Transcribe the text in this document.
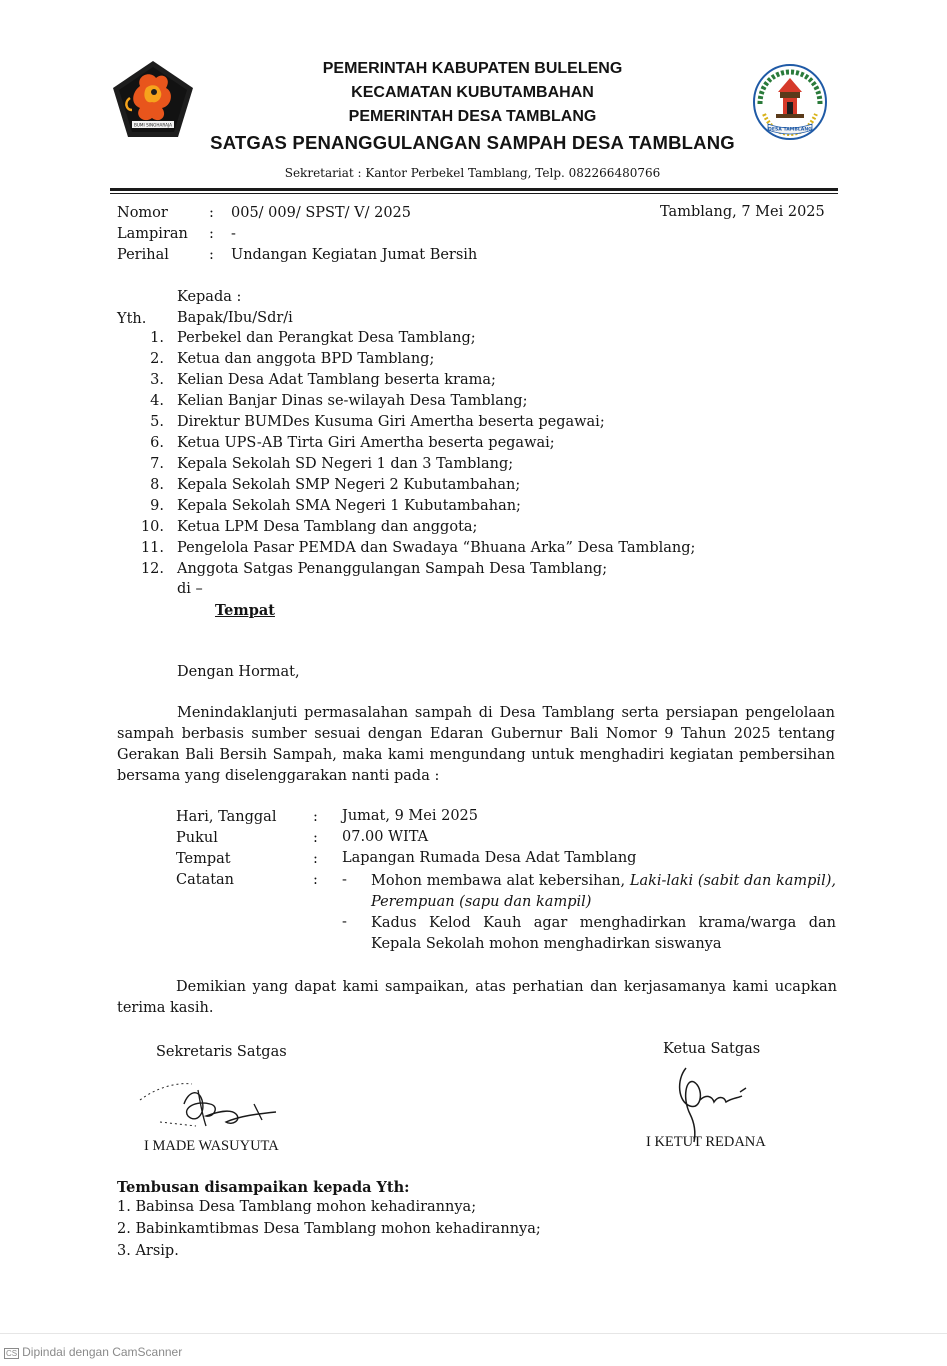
BUMI SINGHARAJA
PEMERINTAH KABUPATEN BULELENG
KECAMATAN KUBUTAMBAHAN
PEMERINTAH DESA TAMBLANG
SATGAS PENANGGULANGAN SAMPAH DESA TAMBLANG
Sekretariat : Kantor Perbekel Tamblang, Telp. 082266480766
DESA TAMBLANG
Nomor	: 005/ 009/ SPST/ V/ 2025	Tamblang, 7 Mei 2025
Lampiran	: -
Perihal	: Undangan Kegiatan Jumat Bersih
Kepada :
Yth. Bapak/Ibu/Sdr/i
1. Perbekel dan Perangkat Desa Tamblang;
2. Ketua dan anggota BPD Tamblang;
3. Kelian Desa Adat Tamblang beserta krama;
4. Kelian Banjar Dinas se-wilayah Desa Tamblang;
5. Direktur BUMDes Kusuma Giri Amertha beserta pegawai;
6. Ketua UPS-AB Tirta Giri Amertha beserta pegawai;
7. Kepala Sekolah SD Negeri 1 dan 3 Tamblang;
8. Kepala Sekolah SMP Negeri 2 Kubutambahan;
9. Kepala Sekolah SMA Negeri 1 Kubutambahan;
10. Ketua LPM Desa Tamblang dan anggota;
11. Pengelola Pasar PEMDA dan Swadaya “Bhuana Arka” Desa Tamblang;
12. Anggota Satgas Penanggulangan Sampah Desa Tamblang;
di –
Tempat
Dengan Hormat,
Menindaklanjuti permasalahan sampah di Desa Tamblang serta persiapan pengelolaan sampah berbasis sumber sesuai dengan Edaran Gubernur Bali Nomor 9 Tahun 2025 tentang Gerakan Bali Bersih Sampah, maka kami mengundang untuk menghadiri kegiatan pembersihan bersama yang diselenggarakan nanti pada :
Hari, Tanggal	: Jumat, 9 Mei 2025
Pukul	: 07.00 WITA
Tempat	: Lapangan Rumada Desa Adat Tamblang
Catatan	: - Mohon membawa alat kebersihan, Laki-laki (sabit dan kampil), Perempuan (sapu dan kampil)
- Kadus Kelod Kauh agar menghadirkan krama/warga dan Kepala Sekolah mohon menghadirkan siswanya
Demikian yang dapat kami sampaikan, atas perhatian dan kerjasamanya kami ucapkan terima kasih.
Sekretaris Satgas
I MADE WASUYUTA
Ketua Satgas
I KETUT REDANA
Tembusan disampaikan kepada Yth:
1. Babinsa Desa Tamblang mohon kehadirannya;
2. Babinkamtibmas Desa Tamblang mohon kehadirannya;
3. Arsip.
CS Dipindai dengan CamScanner
